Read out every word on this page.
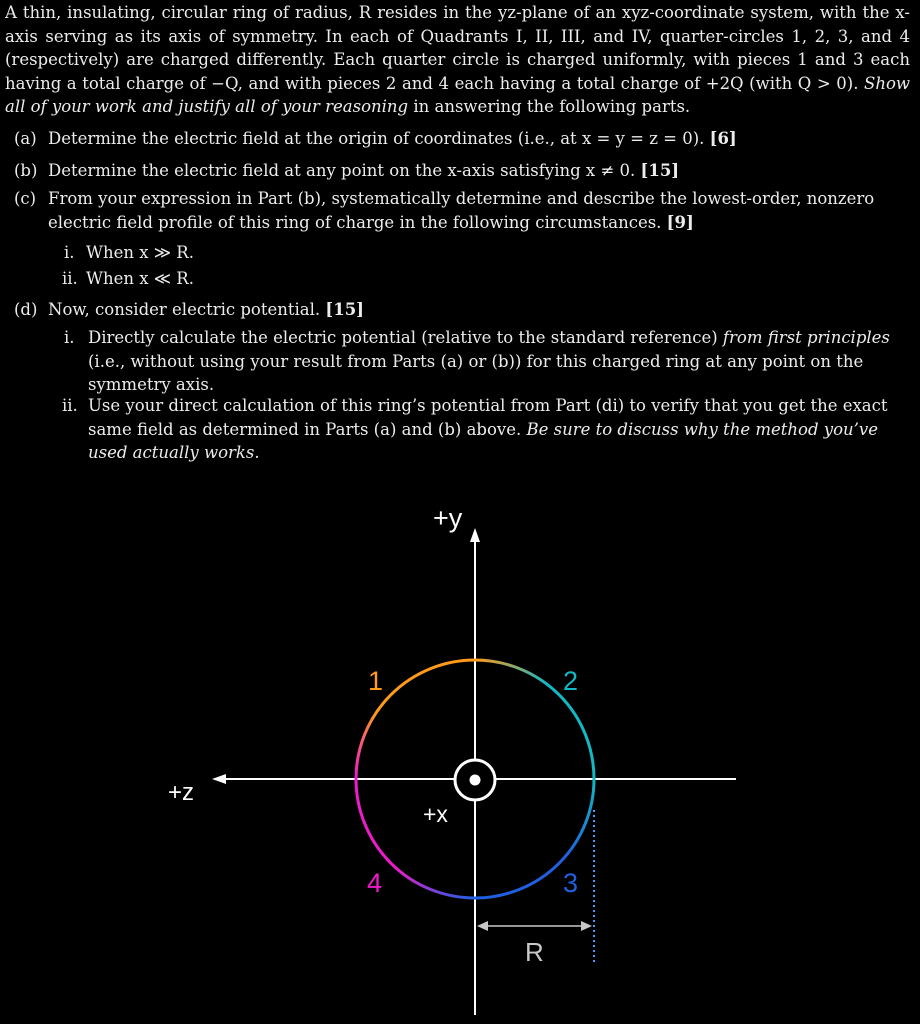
A thin, insulating, circular ring of radius, R resides in the yz-plane of an xyz-coordinate system, with the x-axis serving as its axis of symmetry. In each of Quadrants I, II, III, and IV, quarter-circles 1, 2, 3, and 4 (respectively) are charged differently. Each quarter circle is charged uniformly, with pieces 1 and 3 each having a total charge of −Q, and with pieces 2 and 4 each having a total charge of +2Q (with Q > 0). Show all of your work and justify all of your reasoning in answering the following parts.

(a) Determine the electric field at the origin of coordinates (i.e., at x = y = z = 0). [6]
(b) Determine the electric field at any point on the x-axis satisfying x ≠ 0. [15]
(c) From your expression in Part (b), systematically determine and describe the lowest-order, nonzero electric field profile of this ring of charge in the following circumstances. [9]
i. When x ≫ R.
ii. When x ≪ R.
(d) Now, consider electric potential. [15]
i. Directly calculate the electric potential (relative to the standard reference) from first principles (i.e., without using your result from Parts (a) or (b)) for this charged ring at any point on the symmetry axis.
ii. Use your direct calculation of this ring’s potential from Part (di) to verify that you get the exact same field as determined in Parts (a) and (b) above. Be sure to discuss why the method you’ve used actually works.
+y
+z
+x
1	2
3
4
R
